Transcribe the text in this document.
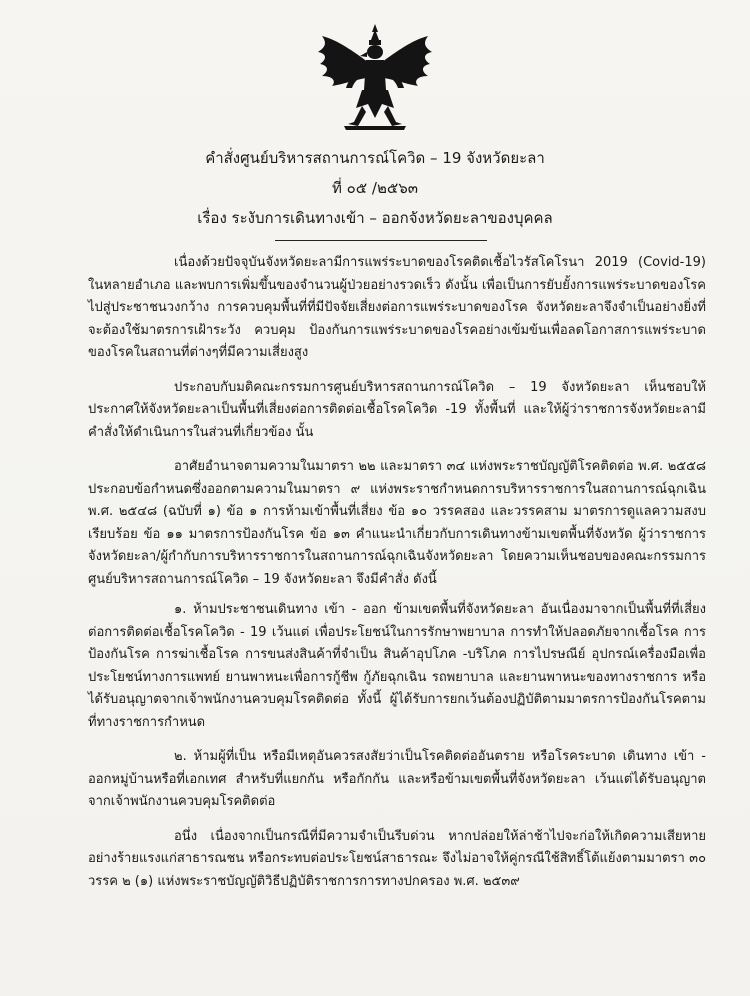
คำสั่งศูนย์บริหารสถานการณ์โควิด – 19 จังหวัดยะลา
ที่ ๐๕ /๒๕๖๓
เรื่อง ระงับการเดินทางเข้า – ออกจังหวัดยะลาของบุคคล

เนื่องด้วยปัจจุบันจังหวัดยะลามีการแพร่ระบาดของโรคติดเชื้อไวรัสโคโรนา 2019 (Covid-19) ในหลายอำเภอ และพบการเพิ่มขึ้นของจำนวนผู้ป่วยอย่างรวดเร็ว ดังนั้น เพื่อเป็นการยับยั้งการแพร่ระบาดของโรคไปสู่ประชาชนวงกว้าง การควบคุมพื้นที่ที่มีปัจจัยเสี่ยงต่อการแพร่ระบาดของโรค จังหวัดยะลาจึงจำเป็นอย่างยิ่งที่จะต้องใช้มาตรการเฝ้าระวัง ควบคุม ป้องกันการแพร่ระบาดของโรคอย่างเข้มข้นเพื่อลดโอกาสการแพร่ระบาดของโรคในสถานที่ต่างๆที่มีความเสี่ยงสูง

ประกอบกับมติคณะกรรมการศูนย์บริหารสถานการณ์โควิด – 19 จังหวัดยะลา เห็นชอบให้ประกาศให้จังหวัดยะลาเป็นพื้นที่เสี่ยงต่อการติดต่อเชื้อโรคโควิด -19 ทั้งพื้นที่ และให้ผู้ว่าราชการจังหวัดยะลามีคำสั่งให้ดำเนินการในส่วนที่เกี่ยวข้อง นั้น

อาศัยอำนาจตามความในมาตรา ๒๒ และมาตรา ๓๔ แห่งพระราชบัญญัติโรคติดต่อ พ.ศ. ๒๕๕๘ ประกอบข้อกำหนดซึ่งออกตามความในมาตรา ๙ แห่งพระราชกำหนดการบริหารราชการในสถานการณ์ฉุกเฉิน พ.ศ. ๒๕๔๘ (ฉบับที่ ๑) ข้อ ๑ การห้ามเข้าพื้นที่เสี่ยง ข้อ ๑๐ วรรคสอง และวรรคสาม มาตรการดูแลความสงบเรียบร้อย ข้อ ๑๑ มาตรการป้องกันโรค ข้อ ๑๓ คำแนะนำเกี่ยวกับการเดินทางข้ามเขตพื้นที่จังหวัด ผู้ว่าราชการจังหวัดยะลา/ผู้กำกับการบริหารราชการในสถานการณ์ฉุกเฉินจังหวัดยะลา โดยความเห็นชอบของคณะกรรมการศูนย์บริหารสถานการณ์โควิด – 19 จังหวัดยะลา จึงมีคำสั่ง ดังนี้

๑. ห้ามประชาชนเดินทาง เข้า - ออก ข้ามเขตพื้นที่จังหวัดยะลา อันเนื่องมาจากเป็นพื้นที่ที่เสี่ยงต่อการติดต่อเชื้อโรคโควิด - 19 เว้นแต่ เพื่อประโยชน์ในการรักษาพยาบาล การทำให้ปลอดภัยจากเชื้อโรค การป้องกันโรค การฆ่าเชื้อโรค การขนส่งสินค้าที่จำเป็น สินค้าอุปโภค -บริโภค การไปรษณีย์ อุปกรณ์เครื่องมือเพื่อประโยชน์ทางการแพทย์ ยานพาหนะเพื่อการกู้ชีพ กู้ภัยฉุกเฉิน รถพยาบาล และยานพาหนะของทางราชการ หรือได้รับอนุญาตจากเจ้าพนักงานควบคุมโรคติดต่อ ทั้งนี้ ผู้ได้รับการยกเว้นต้องปฏิบัติตามมาตรการป้องกันโรคตามที่ทางราชการกำหนด

๒. ห้ามผู้ที่เป็น หรือมีเหตุอันควรสงสัยว่าเป็นโรคติดต่ออันตราย หรือโรคระบาด เดินทาง เข้า - ออกหมู่บ้านหรือที่เอกเทศ สำหรับที่แยกกัน หรือกักกัน และหรือข้ามเขตพื้นที่จังหวัดยะลา เว้นแต่ได้รับอนุญาตจากเจ้าพนักงานควบคุมโรคติดต่อ

อนึ่ง เนื่องจากเป็นกรณีที่มีความจำเป็นรีบด่วน หากปล่อยให้ล่าช้าไปจะก่อให้เกิดความเสียหายอย่างร้ายแรงแก่สาธารณชน หรือกระทบต่อประโยชน์สาธารณะ จึงไม่อาจให้คู่กรณีใช้สิทธิ์โต้แย้งตามมาตรา ๓๐ วรรค ๒ (๑) แห่งพระราชบัญญัติวิธีปฏิบัติราชการการทางปกครอง พ.ศ. ๒๕๓๙
